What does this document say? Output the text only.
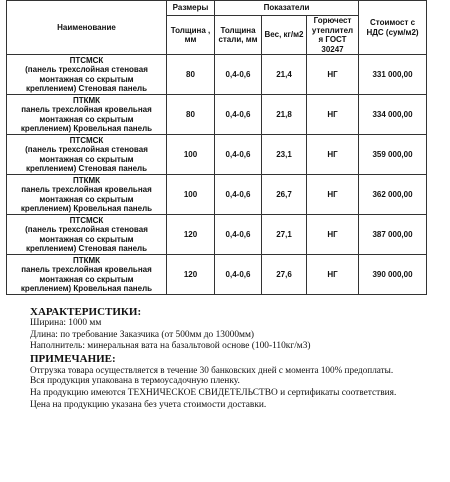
Наименование	Размеры	Показатели			Стоимост с НДС (сум/м2)
	Толщина , мм	Толщина стали, мм	Вес, кг/м2	Горючест утеплител я ГОСТ 30247	

ПТСМСК
(панель трехслойная стеновая
монтажная со скрытым
креплением) Стеновая панель	80	0,4-0,6	21,4	НГ	331 000,00

ПТКМК
панель трехслойная кровельная
монтажная со скрытым
креплением) Кровельная панель	80	0,4-0,6	21,8	НГ	334 000,00

ПТСМСК
(панель трехслойная стеновая
монтажная со скрытым
креплением) Стеновая панель	100	0,4-0,6	23,1	НГ	359 000,00

ПТКМК
панель трехслойная кровельная
монтажная со скрытым
креплением) Кровельная панель	100	0,4-0,6	26,7	НГ	362 000,00

ПТСМСК
(панель трехслойная стеновая
монтажная со скрытым
креплением) Стеновая панель	120	0,4-0,6	27,1	НГ	387 000,00

ПТКМК
панель трехслойная кровельная
монтажная со скрытым
креплением) Кровельная панель	120	0,4-0,6	27,6	НГ	390 000,00
ХАРАКТЕРИСТИКИ:
Ширина: 1000 мм
Длина: по требование Заказчика (от 500мм до 13000мм)
Наполнитель: минеральная вата на базальтовой основе (100-110кг/м3)
ПРИМЕЧАНИЕ:
Отгрузка товара осуществляется в течение 30 банковских дней с момента 100% предоплаты.
Вся продукция упакована в термоусадочную пленку.
На продукцию имеются ТЕХНИЧЕСКОЕ СВИДЕТЕЛЬСТВО и сертификаты соответствия.
Цена на продукцию указана без учета стоимости доставки.
